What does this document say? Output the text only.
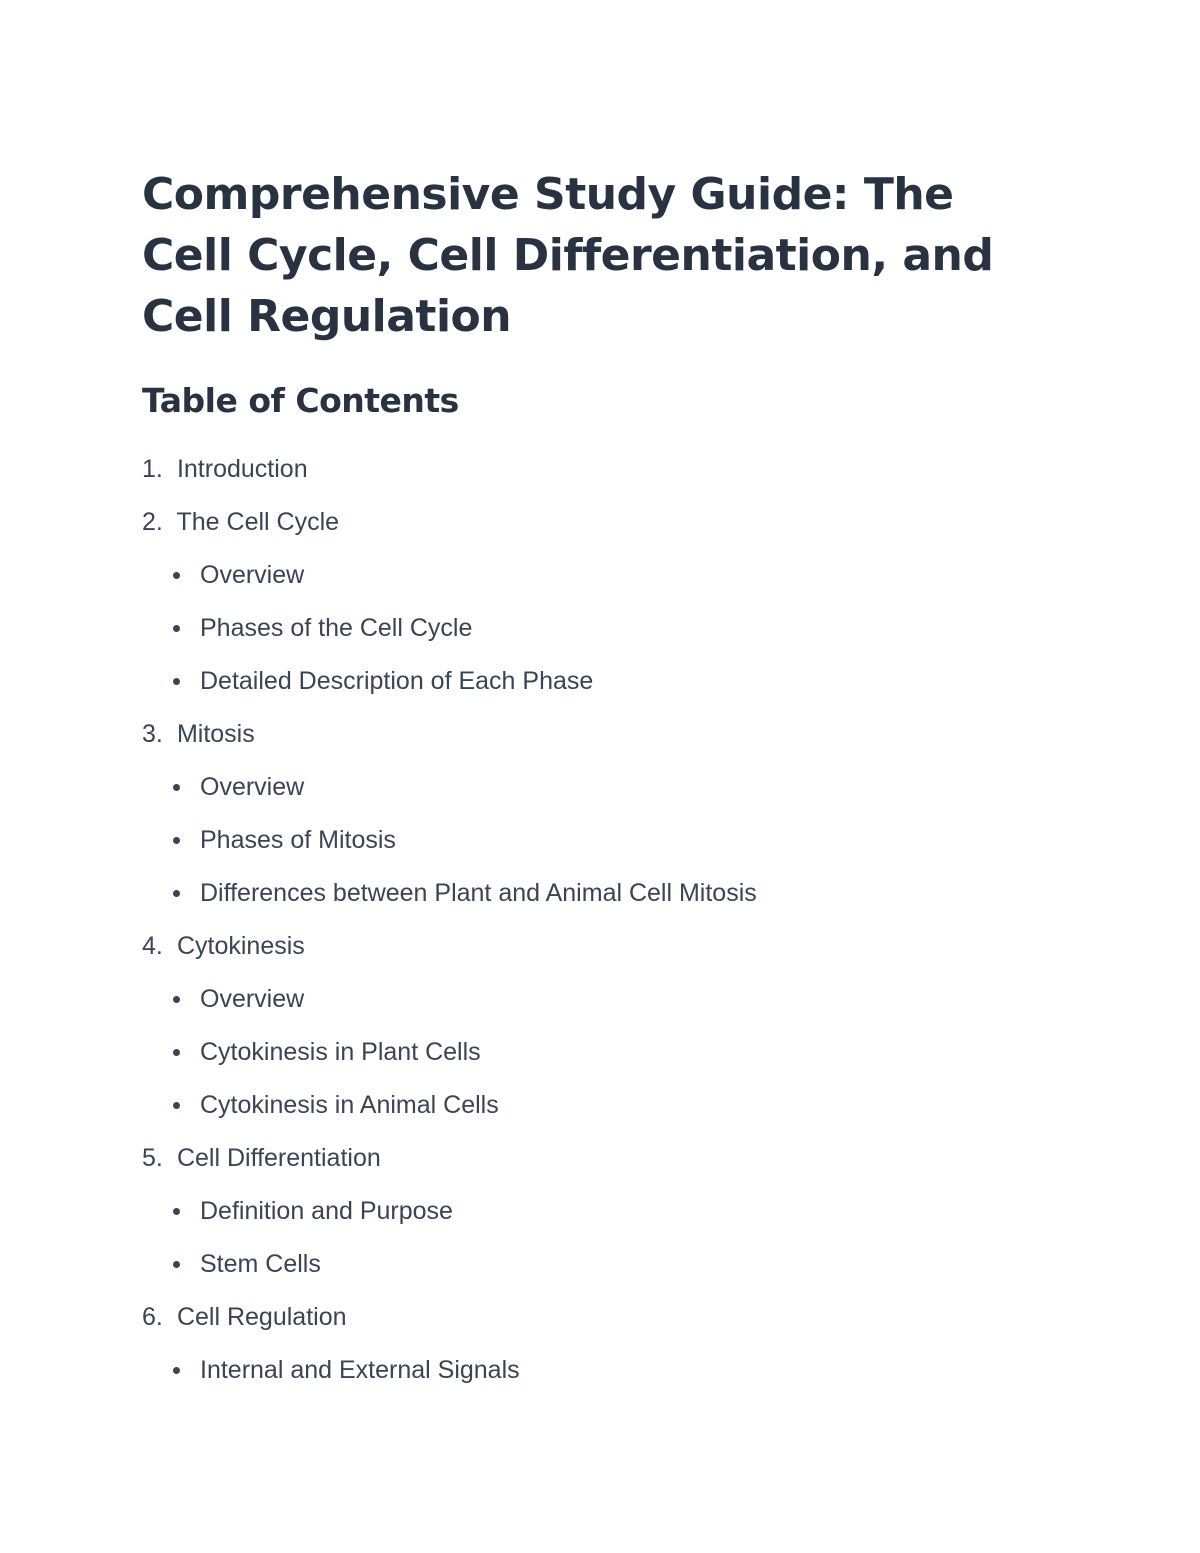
Comprehensive Study Guide: The Cell Cycle, Cell Differentiation, and Cell Regulation
Table of Contents
1. Introduction
2. The Cell Cycle
Overview
Phases of the Cell Cycle
Detailed Description of Each Phase
3. Mitosis
Overview
Phases of Mitosis
Differences between Plant and Animal Cell Mitosis
4. Cytokinesis
Overview
Cytokinesis in Plant Cells
Cytokinesis in Animal Cells
5. Cell Differentiation
Definition and Purpose
Stem Cells
6. Cell Regulation
Internal and External Signals
